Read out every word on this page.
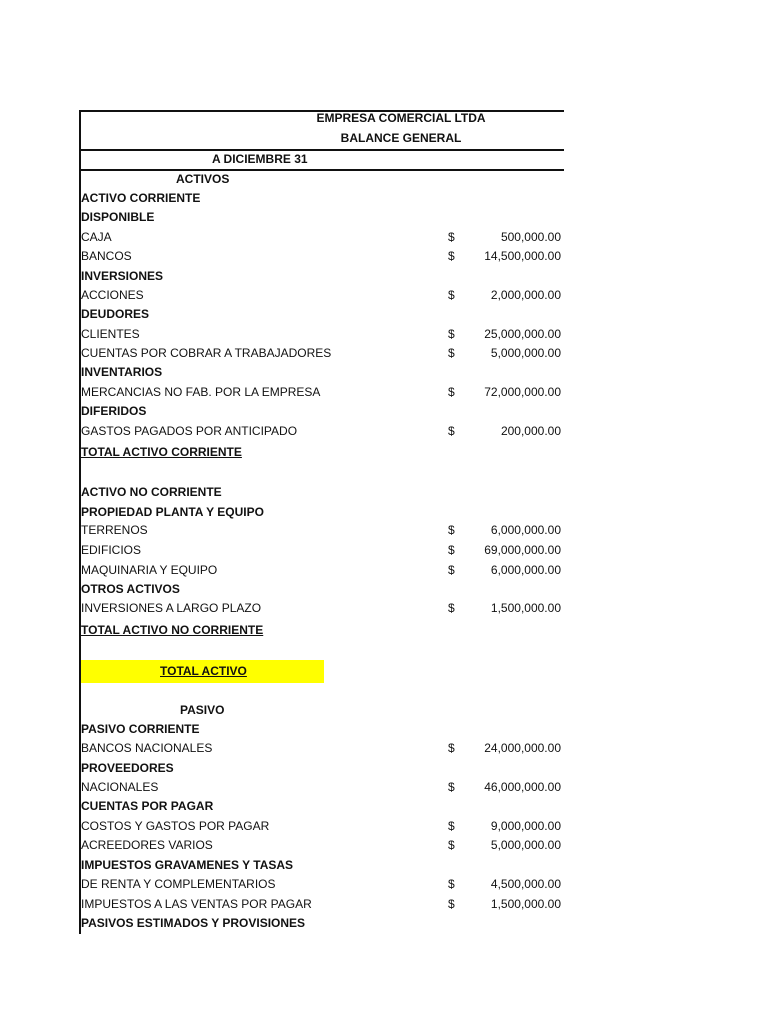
EMPRESA COMERCIAL LTDA
BALANCE GENERAL
A DICIEMBRE 31
ACTIVOS
ACTIVO CORRIENTE
DISPONIBLE
CAJA	$	500,000.00
BANCOS	$ 14,500,000.00
INVERSIONES
ACCIONES	$	2,000,000.00
DEUDORES
CLIENTES	$ 25,000,000.00
CUENTAS POR COBRAR A TRABAJADORES	$	5,000,000.00
INVENTARIOS
MERCANCIAS NO FAB. POR LA EMPRESA	$ 72,000,000.00
DIFERIDOS
GASTOS PAGADOS POR ANTICIPADO	$	200,000.00
TOTAL ACTIVO CORRIENTE
ACTIVO NO CORRIENTE
PROPIEDAD PLANTA Y EQUIPO
TERRENOS	$	6,000,000.00
EDIFICIOS	$ 69,000,000.00
MAQUINARIA Y EQUIPO	$	6,000,000.00
OTROS ACTIVOS
INVERSIONES A LARGO PLAZO	$	1,500,000.00
TOTAL ACTIVO NO CORRIENTE
TOTAL ACTIVO
PASIVO
PASIVO CORRIENTE
BANCOS NACIONALES	$ 24,000,000.00
PROVEEDORES
NACIONALES	$ 46,000,000.00
CUENTAS POR PAGAR
COSTOS Y GASTOS POR PAGAR	$	9,000,000.00
ACREEDORES VARIOS	$	5,000,000.00
IMPUESTOS GRAVAMENES Y TASAS
DE RENTA Y COMPLEMENTARIOS	$	4,500,000.00
IMPUESTOS A LAS VENTAS POR PAGAR	$	1,500,000.00
PASIVOS ESTIMADOS Y PROVISIONES
